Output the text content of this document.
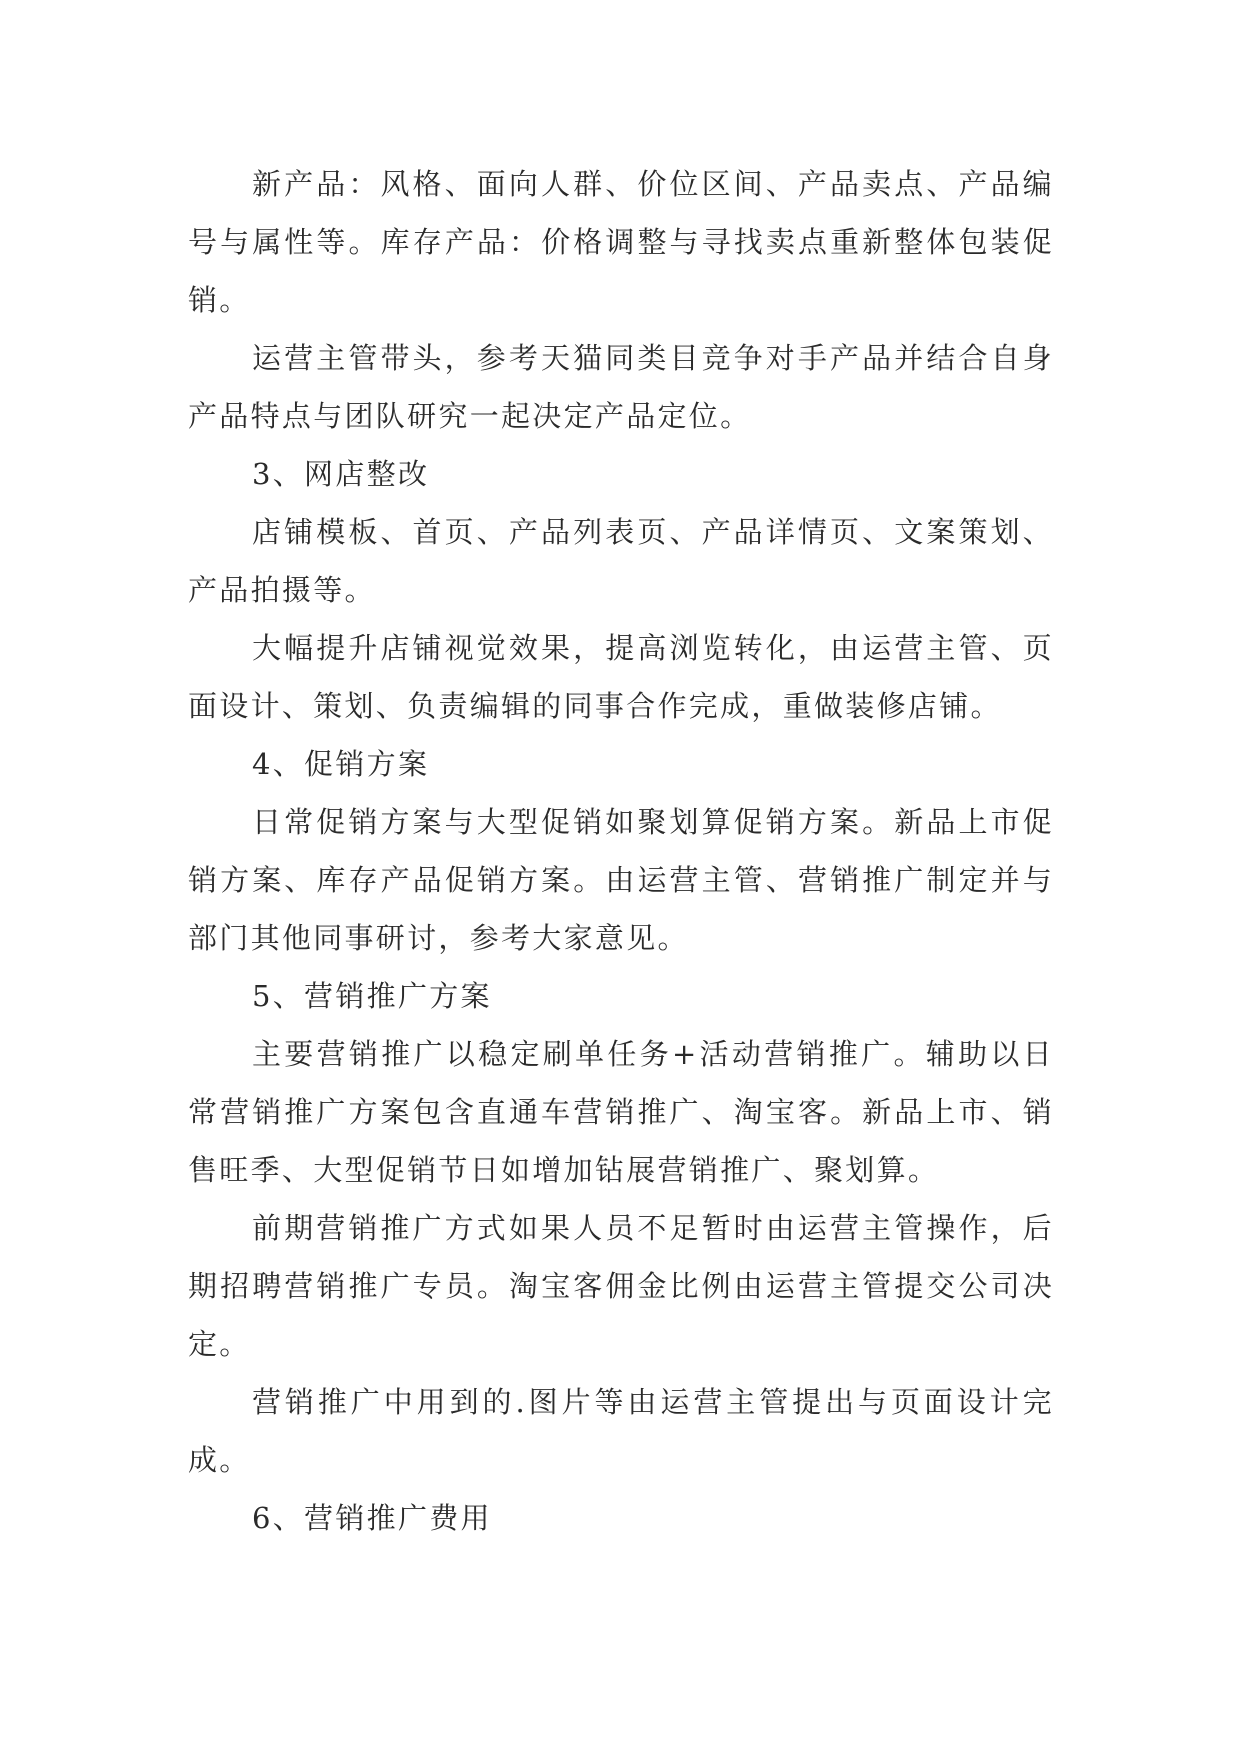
新产品：风格、面向人群、价位区间、产品卖点、产品编号与属性等。库存产品：价格调整与寻找卖点重新整体包装促销。

运营主管带头，参考天猫同类目竞争对手产品并结合自身产品特点与团队研究一起决定产品定位。

3、网店整改

店铺模板、首页、产品列表页、产品详情页、文案策划、产品拍摄等。

大幅提升店铺视觉效果，提高浏览转化，由运营主管、页面设计、策划、负责编辑的同事合作完成，重做装修店铺。

4、促销方案

日常促销方案与大型促销如聚划算促销方案。新品上市促销方案、库存产品促销方案。由运营主管、营销推广制定并与部门其他同事研讨，参考大家意见。

5、营销推广方案

主要营销推广以稳定刷单任务+活动营销推广。辅助以日常营销推广方案包含直通车营销推广、淘宝客。新品上市、销售旺季、大型促销节日如增加钻展营销推广、聚划算。

前期营销推广方式如果人员不足暂时由运营主管操作，后期招聘营销推广专员。淘宝客佣金比例由运营主管提交公司决定。

营销推广中用到的.图片等由运营主管提出与页面设计完成。

6、营销推广费用
